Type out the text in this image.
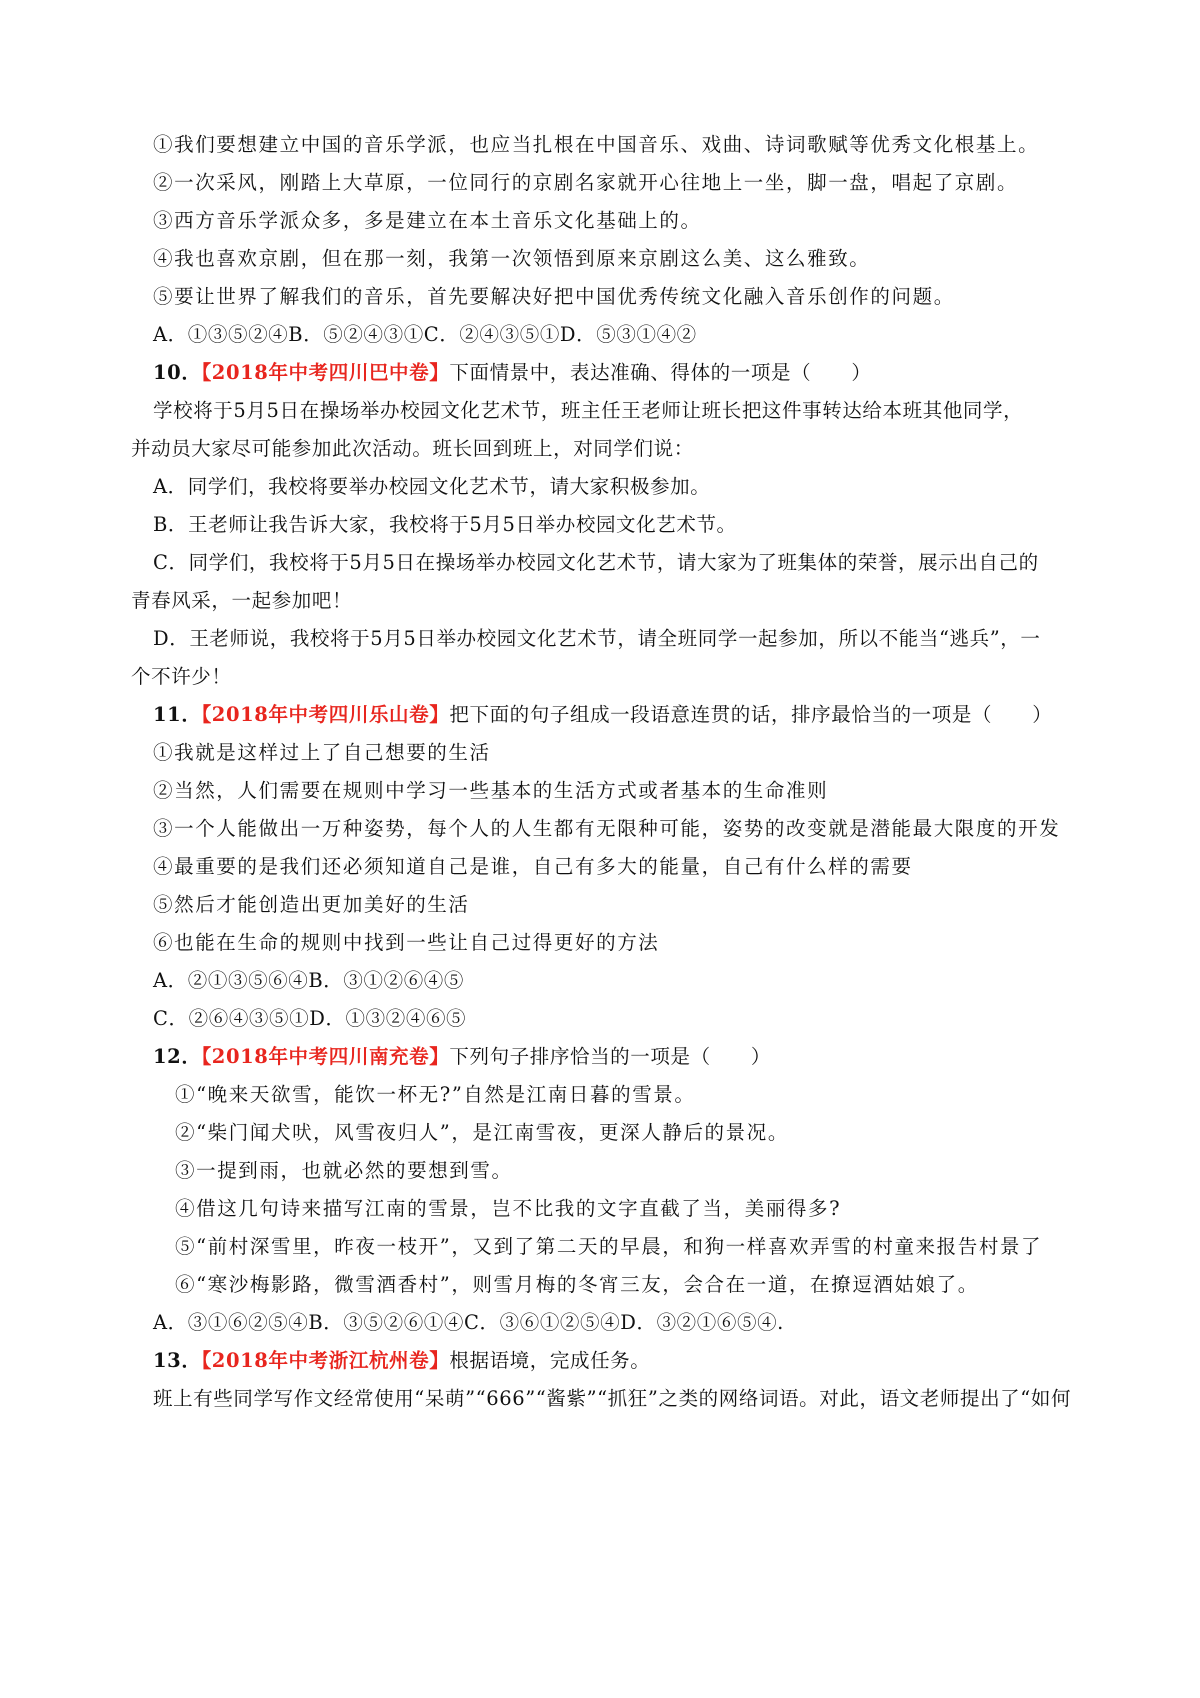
①我们要想建立中国的音乐学派，也应当扎根在中国音乐、戏曲、诗词歌赋等优秀文化根基上。
②一次采风，刚踏上大草原，一位同行的京剧名家就开心往地上一坐，脚一盘，唱起了京剧。
③西方音乐学派众多，多是建立在本土音乐文化基础上的。
④我也喜欢京剧，但在那一刻，我第一次领悟到原来京剧这么美、这么雅致。
⑤要让世界了解我们的音乐，首先要解决好把中国优秀传统文化融入音乐创作的问题。
A．①③⑤②④B．⑤②④③①C．②④③⑤①D．⑤③①④②
10．【2018年中考四川巴中卷】下面情景中，表达准确、得体的一项是（　　）
学校将于5月5日在操场举办校园文化艺术节，班主任王老师让班长把这件事转达给本班其他同学，
并动员大家尽可能参加此次活动。班长回到班上，对同学们说：
A．同学们，我校将要举办校园文化艺术节，请大家积极参加。
B．王老师让我告诉大家，我校将于5月5日举办校园文化艺术节。
C．同学们，我校将于5月5日在操场举办校园文化艺术节，请大家为了班集体的荣誉，展示出自己的
青春风采，一起参加吧！
D．王老师说，我校将于5月5日举办校园文化艺术节，请全班同学一起参加，所以不能当“逃兵”，一
个不许少！
11．【2018年中考四川乐山卷】把下面的句子组成一段语意连贯的话，排序最恰当的一项是（　　）
①我就是这样过上了自己想要的生活
②当然，人们需要在规则中学习一些基本的生活方式或者基本的生命准则
③一个人能做出一万种姿势，每个人的人生都有无限种可能，姿势的改变就是潜能最大限度的开发
④最重要的是我们还必须知道自己是谁，自己有多大的能量，自己有什么样的需要
⑤然后才能创造出更加美好的生活
⑥也能在生命的规则中找到一些让自己过得更好的方法
A．②①③⑤⑥④B．③①②⑥④⑤
C．②⑥④③⑤①D．①③②④⑥⑤
12．【2018年中考四川南充卷】下列句子排序恰当的一项是（　　）
①“晚来天欲雪，能饮一杯无?”自然是江南日暮的雪景。
②“柴门闻犬吠，风雪夜归人”，是江南雪夜，更深人静后的景况。
③一提到雨，也就必然的要想到雪。
④借这几句诗来描写江南的雪景，岂不比我的文字直截了当，美丽得多?
⑤“前村深雪里，昨夜一枝开”，又到了第二天的早晨，和狗一样喜欢弄雪的村童来报告村景了
⑥“寒沙梅影路，微雪酒香村”，则雪月梅的冬宵三友，会合在一道，在撩逗酒姑娘了。
A．③①⑥②⑤④B．③⑤②⑥①④C．③⑥①②⑤④D．③②①⑥⑤④.
13．【2018年中考浙江杭州卷】根据语境，完成任务。
班上有些同学写作文经常使用“呆萌”“666”“酱紫”“抓狂”之类的网络词语。对此，语文老师提出了“如何
